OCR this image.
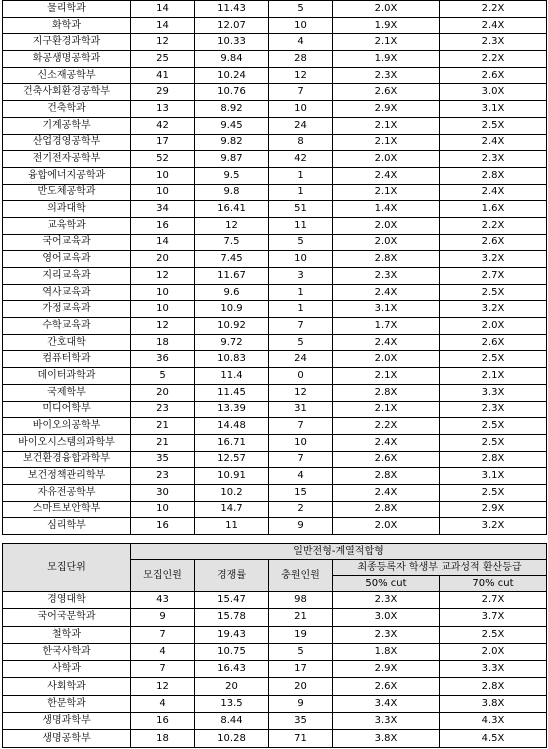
물리학과	14	11.43	5	2.0X	2.2X
화학과	14	12.07	10	1.9X	2.4X
지구환경과학과	12	10.33	4	2.1X	2.3X
화공생명공학과	25	9.84	28	1.9X	2.2X
신소재공학부	41	10.24	12	2.3X	2.6X
건축사회환경공학부	29	10.76	7	2.6X	3.0X
건축학과	13	8.92	10	2.9X	3.1X
기계공학부	42	9.45	24	2.1X	2.5X
산업경영공학부	17	9.82	8	2.1X	2.4X
전기전자공학부	52	9.87	42	2.0X	2.3X
융합에너지공학과	10	9.5	1	2.4X	2.8X
반도체공학과	10	9.8	1	2.1X	2.4X
의과대학	34	16.41	51	1.4X	1.6X
교육학과	16	12	11	2.0X	2.2X
국어교육과	14	7.5	5	2.0X	2.6X
영어교육과	20	7.45	10	2.8X	3.2X
지리교육과	12	11.67	3	2.3X	2.7X
역사교육과	10	9.6	1	2.4X	2.5X
가정교육과	10	10.9	1	3.1X	3.2X
수학교육과	12	10.92	7	1.7X	2.0X
간호대학	18	9.72	5	2.4X	2.6X
컴퓨터학과	36	10.83	24	2.0X	2.5X
데이터과학과	5	11.4	0	2.1X	2.1X
국제학부	20	11.45	12	2.8X	3.3X
미디어학부	23	13.39	31	2.1X	2.3X
바이오의공학부	21	14.48	7	2.2X	2.5X
바이오시스템의과학부	21	16.71	10	2.4X	2.5X
보건환경융합과학부	35	12.57	7	2.6X	2.8X
보건정책관리학부	23	10.91	4	2.8X	3.1X
자유전공학부	30	10.2	15	2.4X	2.5X
스마트보안학부	10	14.7	2	2.8X	2.9X
심리학부	16	11	9	2.0X	3.2X
모집단위	일반전형-계열적합형				
	모집인원	경쟁률	충원인원	최종등록자 학생부 교과성적 환산등급	
				50% cut	70% cut
경영대학	43	15.47	98	2.3X	2.7X
국어국문학과	9	15.78	21	3.0X	3.7X
철학과	7	19.43	19	2.3X	2.5X
한국사학과	4	10.75	5	1.8X	2.0X
사학과	7	16.43	17	2.9X	3.3X
사회학과	12	20	20	2.6X	2.8X
한문학과	4	13.5	9	3.4X	3.8X
생명과학부	16	8.44	35	3.3X	4.3X
생명공학부	18	10.28	71	3.8X	4.5X
